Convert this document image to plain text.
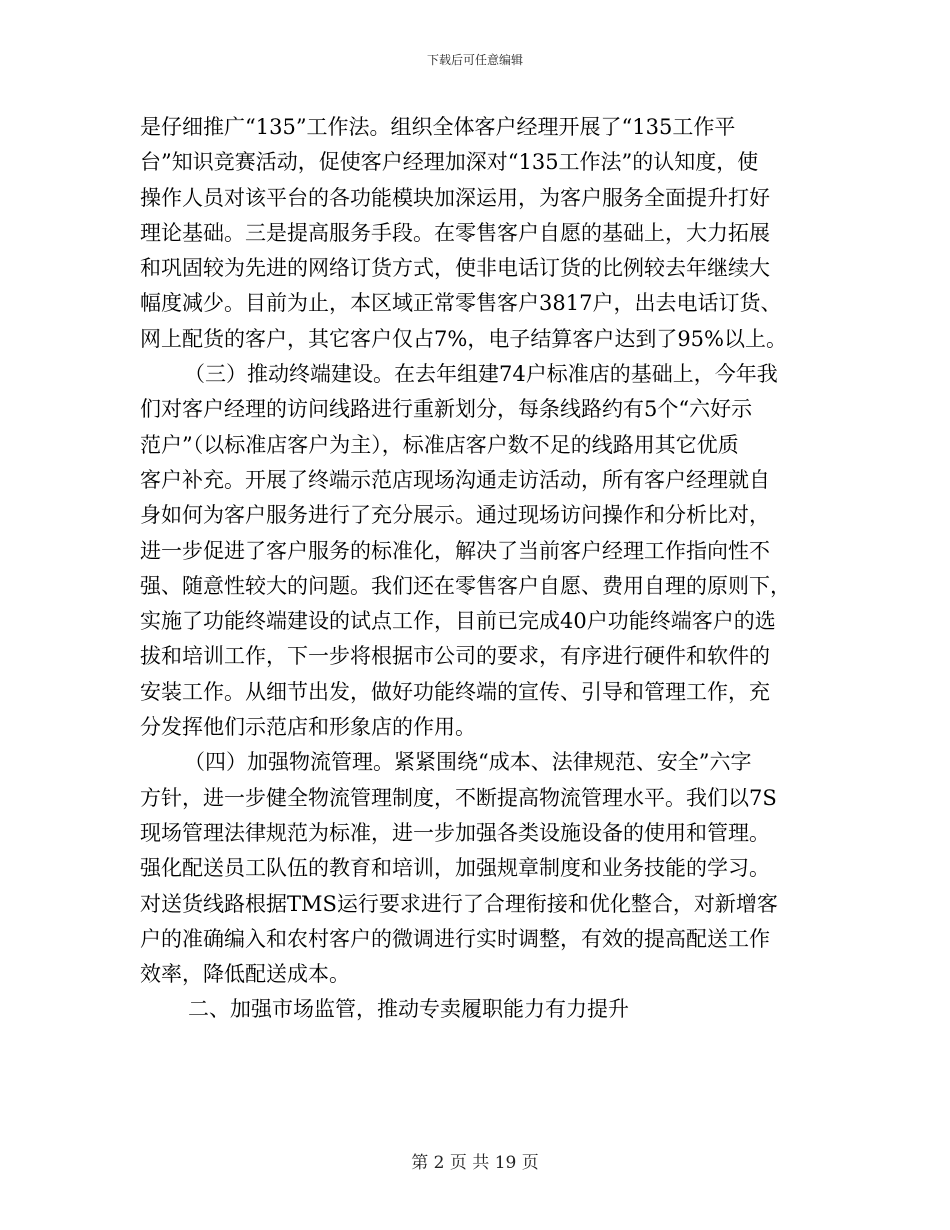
下载后可任意编辑
是仔细推广“135”工作法。组织全体客户经理开展了“135工作平
台”知识竞赛活动，促使客户经理加深对“135工作法”的认知度，使
操作人员对该平台的各功能模块加深运用，为客户服务全面提升打好
理论基础。三是提高服务手段。在零售客户自愿的基础上，大力拓展
和巩固较为先进的网络订货方式，使非电话订货的比例较去年继续大
幅度减少。目前为止，本区域正常零售客户3817户，出去电话订货、
网上配货的客户，其它客户仅占7%，电子结算客户达到了95%以上。
（三）推动终端建设。在去年组建74户标准店的基础上，今年我
们对客户经理的访问线路进行重新划分，每条线路约有5个“六好示
范户”（以标准店客户为主），标准店客户数不足的线路用其它优质
客户补充。开展了终端示范店现场沟通走访活动，所有客户经理就自
身如何为客户服务进行了充分展示。通过现场访问操作和分析比对，
进一步促进了客户服务的标准化，解决了当前客户经理工作指向性不
强、随意性较大的问题。我们还在零售客户自愿、费用自理的原则下，
实施了功能终端建设的试点工作，目前已完成40户功能终端客户的选
拔和培训工作，下一步将根据市公司的要求，有序进行硬件和软件的
安装工作。从细节出发，做好功能终端的宣传、引导和管理工作，充
分发挥他们示范店和形象店的作用。
（四）加强物流管理。紧紧围绕“成本、法律规范、安全”六字
方针，进一步健全物流管理制度，不断提高物流管理水平。我们以7S
现场管理法律规范为标准，进一步加强各类设施设备的使用和管理。
强化配送员工队伍的教育和培训，加强规章制度和业务技能的学习。
对送货线路根据TMS运行要求进行了合理衔接和优化整合，对新增客
户的准确编入和农村客户的微调进行实时调整，有效的提高配送工作
效率，降低配送成本。
二、加强市场监管，推动专卖履职能力有力提升
第 2 页 共 19 页
